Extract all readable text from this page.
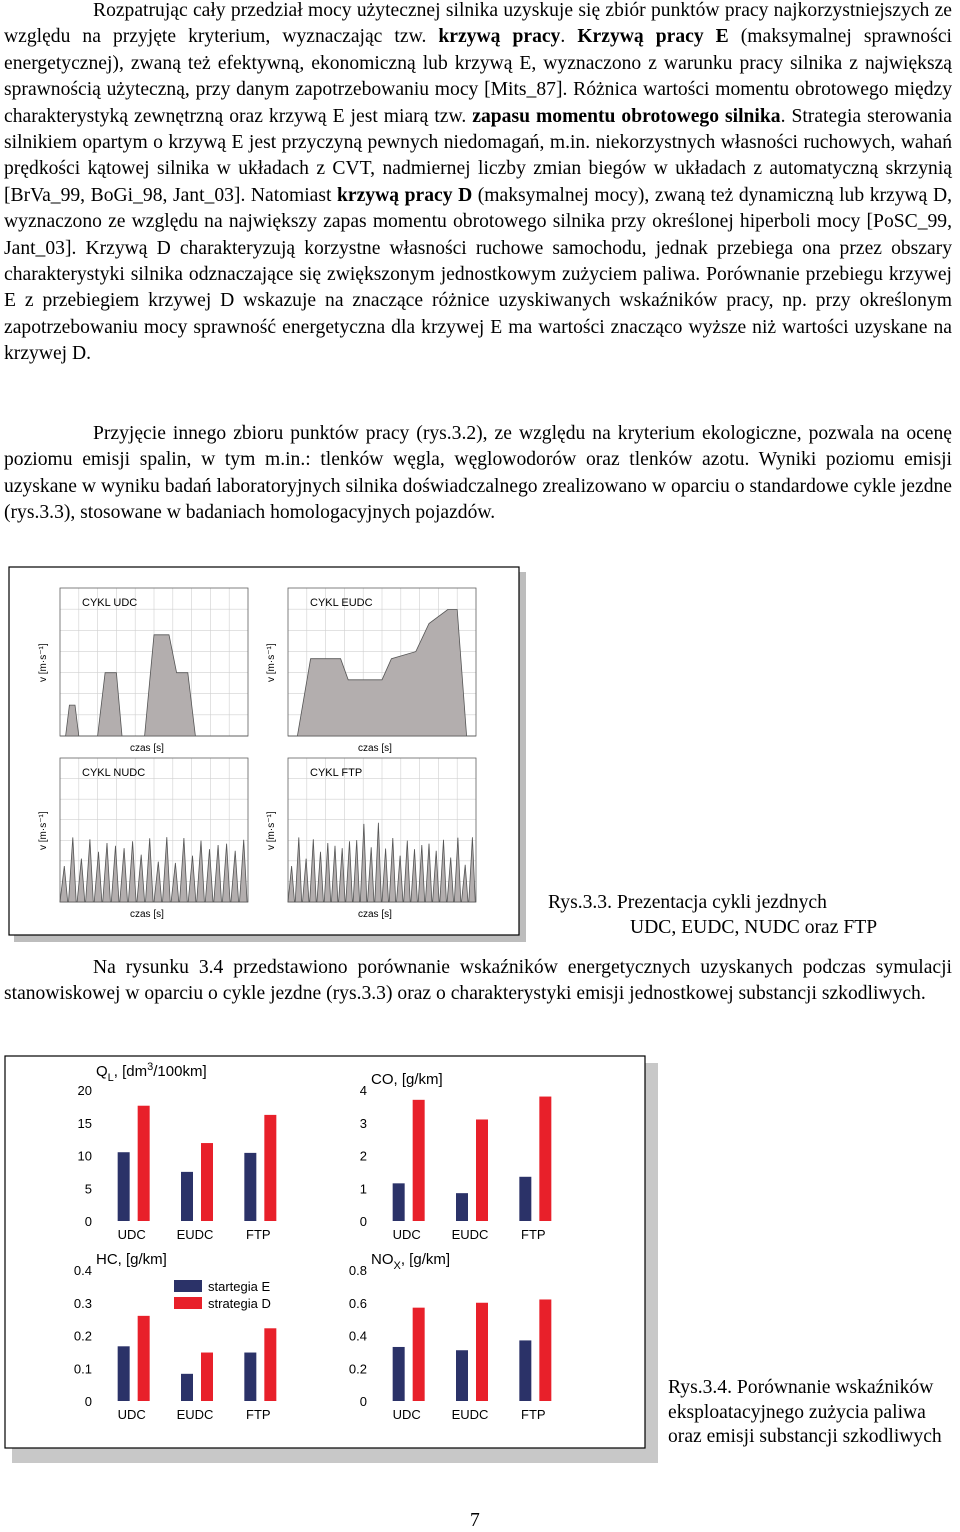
Rozpatrując cały przedział mocy użytecznej silnika uzyskuje się zbiór punktów pracy najkorzystniejszych ze względu na przyjęte kryterium, wyznaczając tzw. krzywą pracy. Krzywą pracy E (maksymalnej sprawności energetycznej), zwaną też efektywną, ekonomiczną lub krzywą E, wyznaczono z warunku pracy silnika z największą sprawnością użyteczną, przy danym zapotrzebowaniu mocy [Mits_87]. Różnica wartości momentu obrotowego między charakterystyką zewnętrzną oraz krzywą E jest miarą tzw. zapasu momentu obrotowego silnika. Strategia sterowania silnikiem opartym o krzywą E jest przyczyną pewnych niedomagań, m.in. niekorzystnych własności ruchowych, wahań prędkości kątowej silnika w układach z CVT, nadmiernej liczby zmian biegów w układach z automatyczną skrzynią [BrVa_99, BoGi_98, Jant_03]. Natomiast krzywą pracy D (maksymalnej mocy), zwaną też dynamiczną lub krzywą D, wyznaczono ze względu na największy zapas momentu obrotowego silnika przy określonej hiperboli mocy [PoSC_99, Jant_03]. Krzywą D charakteryzują korzystne własności ruchowe samochodu, jednak przebiega ona przez obszary charakterystyki silnika odznaczające się zwiększonym jednostkowym zużyciem paliwa. Porównanie przebiegu krzywej E z przebiegiem krzywej D wskazuje na znaczące różnice uzyskiwanych wskaźników pracy, np. przy określonym zapotrzebowaniu mocy sprawność energetyczna dla krzywej E ma wartości znacząco wyższe niż wartości uzyskane na krzywej D.

Przyjęcie innego zbioru punktów pracy (rys.3.2), ze względu na kryterium ekologiczne, pozwala na ocenę poziomu emisji spalin, w tym m.in.: tlenków węgla, węglowodorów oraz tlenków azotu. Wyniki poziomu emisji uzyskane w wyniku badań laboratoryjnych silnika doświadczalnego zrealizowano w oparciu o standardowe cykle jezdne (rys.3.3), stosowane w badaniach homologacyjnych pojazdów.

CYKL UDC
v [m·s⁻¹]
czas [s]
CYKL EUDC
v [m·s⁻¹]
czas [s]
CYKL NUDC
v [m·s⁻¹]
czas [s]
CYKL FTP
v [m·s⁻¹]
czas [s]
Rys.3.3. Prezentacja cykli jezdnych
UDC, EUDC, NUDC oraz FTP

Na rysunku 3.4 przedstawiono porównanie wskaźników energetycznych uzyskanych podczas symulacji stanowiskowej w oparciu o cykle jezdne (rys.3.3) oraz o charakterystyki emisji jednostkowej substancji szkodliwych.

0
5
10
15
20
$Q_L$, $[dm^3/100km]$
UDC EUDC	FTP
0
1
2
3
4
CO, [g/km]
UDC EUDC	FTP
0
0.1
0.2
0.3
0.4
HC, [g/km]
UDC EUDC	FTP
0
0.2
0.4
0.6
0.8
$NO_X$, [g/km]
UDC EUDC	FTP
startegia E
strategia D
Rys.3.4. Porównanie wskaźników
eksploatacyjnego zużycia paliwa
oraz emisji substancji szkodliwych
7
